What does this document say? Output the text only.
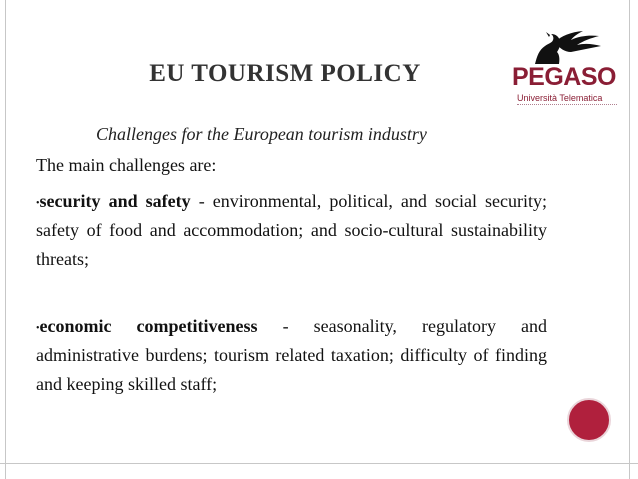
EU TOURISM POLICY	PEGASO
Università Telematica
Challenges for the European tourism industry
The main challenges are:
•security and safety - environmental, political, and social security; safety of food and accommodation; and socio-cultural sustainability threats;
•economic competitiveness - seasonality, regulatory and administrative burdens; tourism related taxation; difficulty of finding and keeping skilled staff;
